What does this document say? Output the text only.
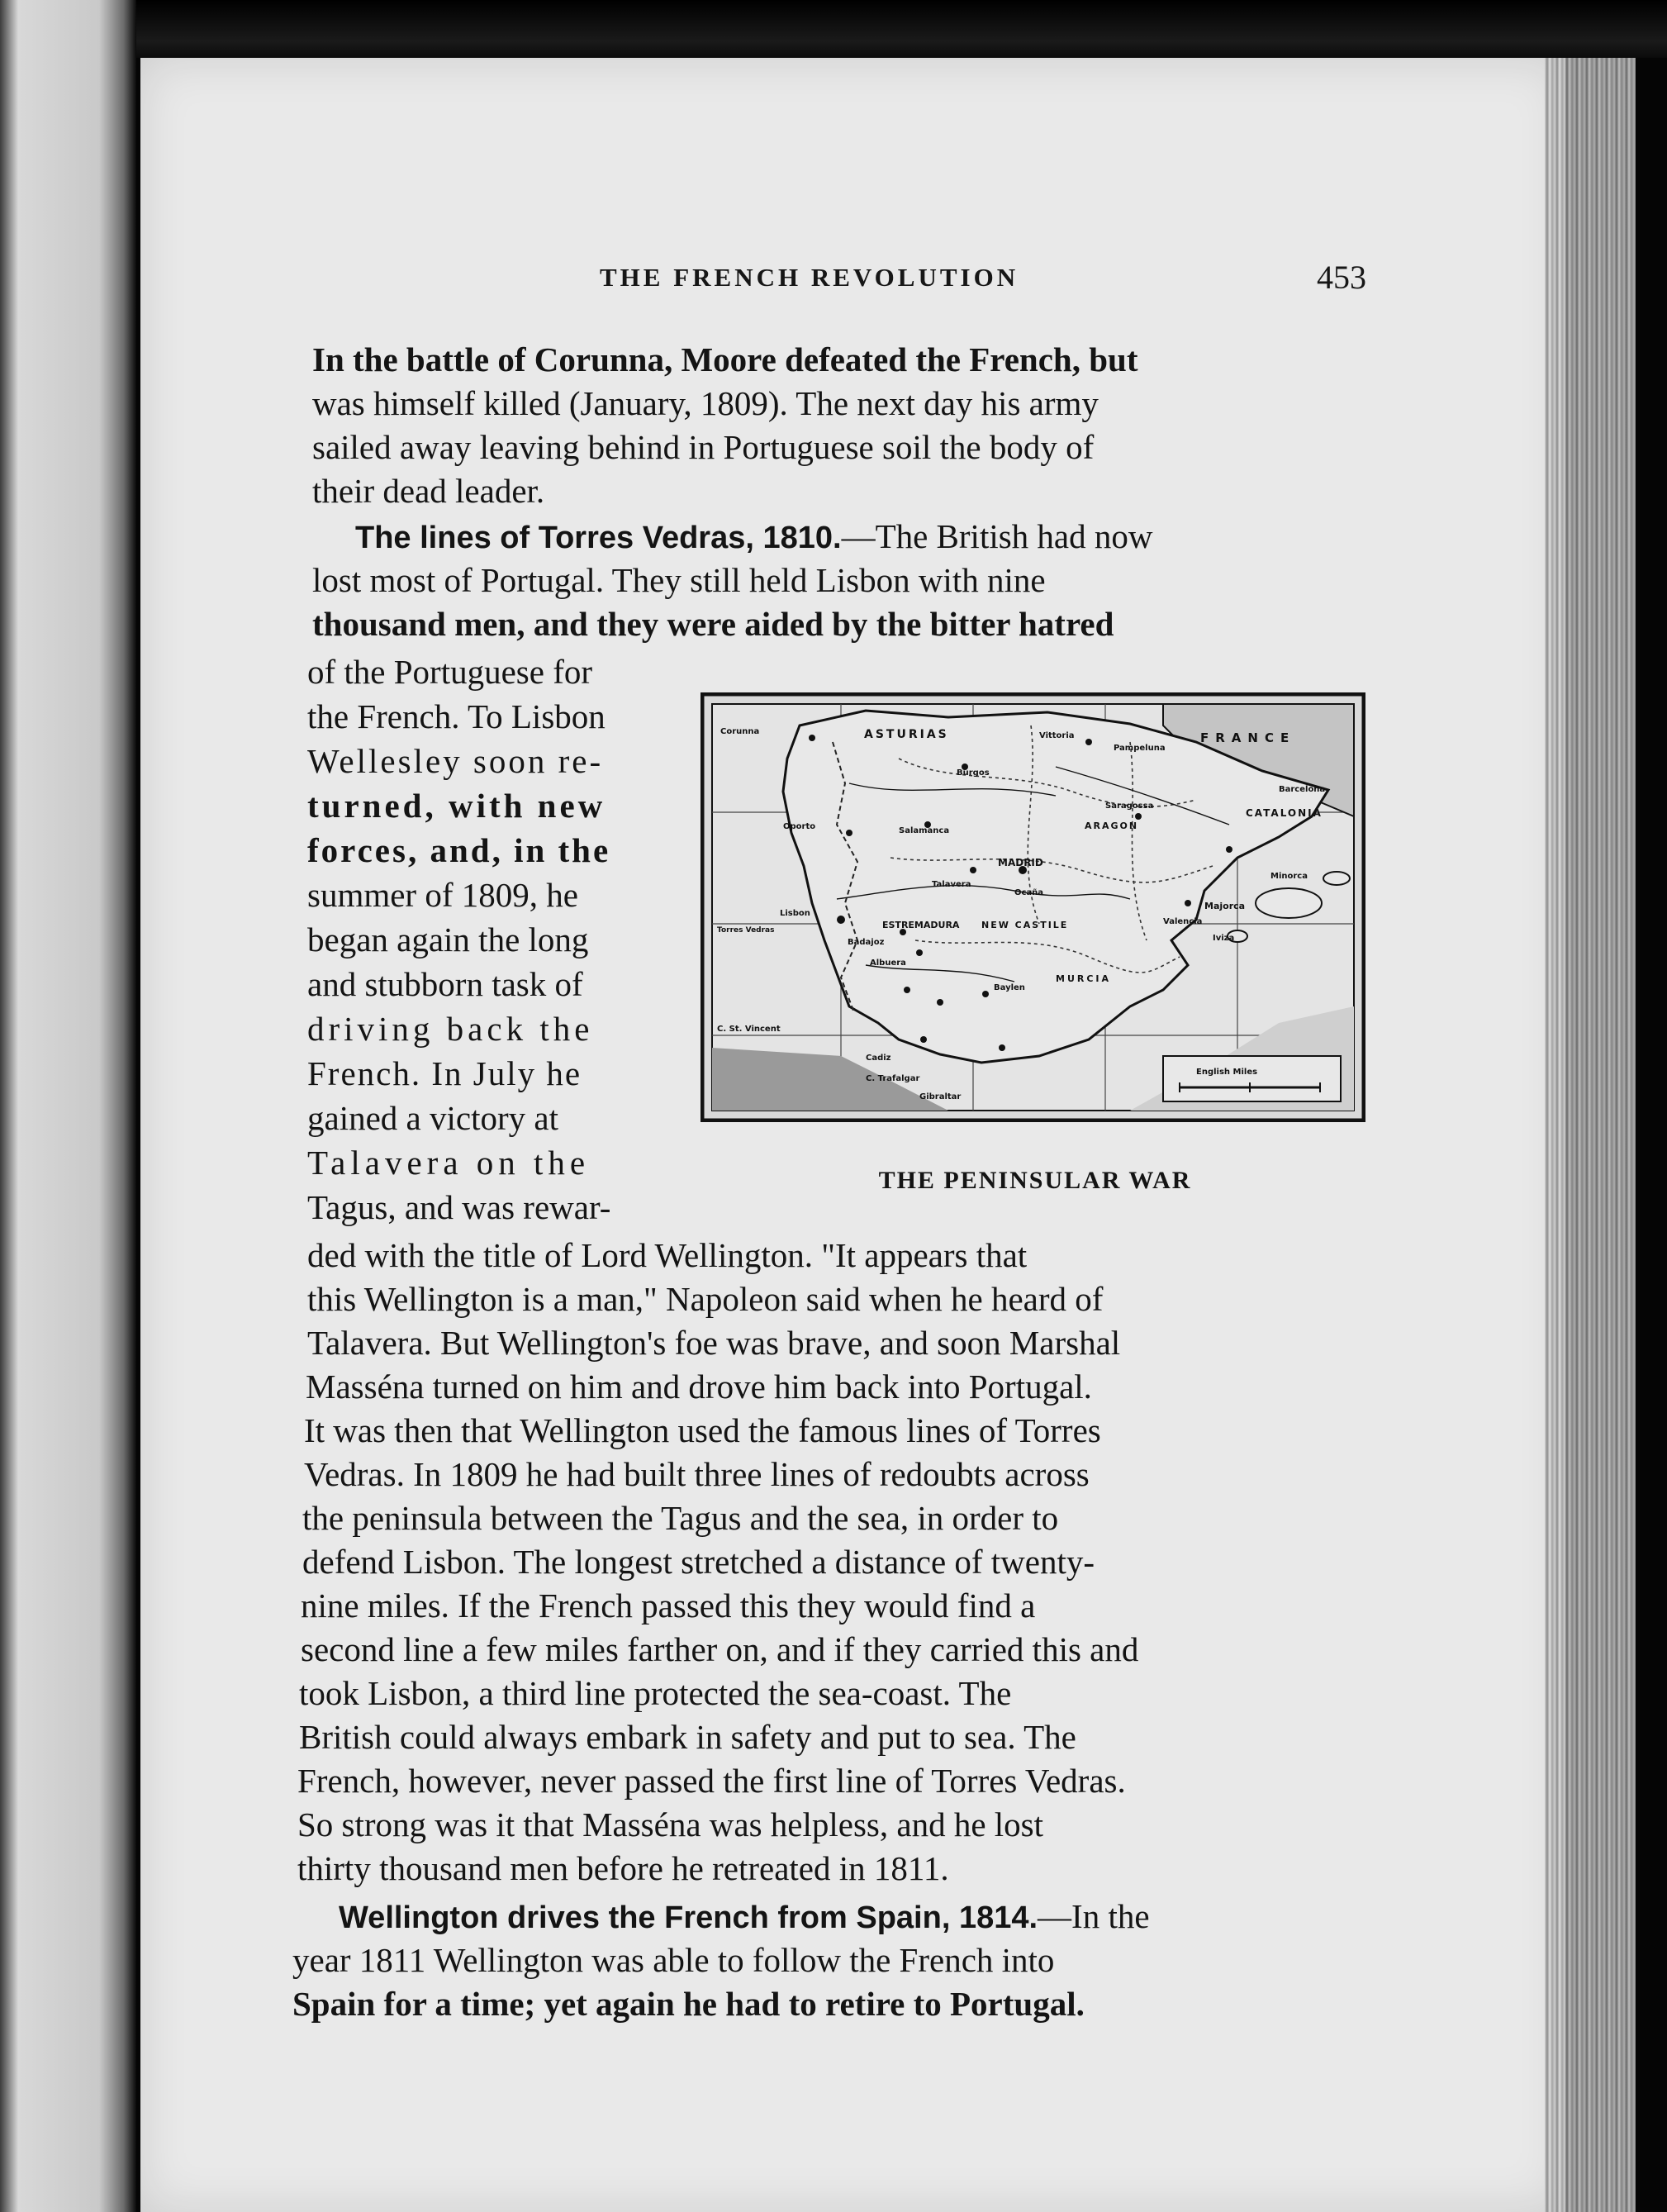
THE FRENCH REVOLUTION	453
In the battle of Corunna, Moore defeated the French, but
was himself killed (January, 1809). The next day his army
sailed away leaving behind in Portuguese soil the body of
their dead leader.
The lines of Torres Vedras, 1810.—The British had now
lost most of Portugal. They still held Lisbon with nine
thousand men, and they were aided by the bitter hatred
of the Portuguese for
the French. To Lisbon
Wellesley soon re-
turned, with new
forces, and, in the
summer of 1809, he
began again the long
and stubborn task of
driving back the
French. In July he
gained a victory at
Talavera on the
Tagus, and was rewar-
ded with the title of Lord Wellington. "It appears that
this Wellington is a man," Napoleon said when he heard of
Talavera. But Wellington's foe was brave, and soon Marshal
Masséna turned on him and drove him back into Portugal.
It was then that Wellington used the famous lines of Torres
Vedras. In 1809 he had built three lines of redoubts across
the peninsula between the Tagus and the sea, in order to
defend Lisbon. The longest stretched a distance of twenty-
nine miles. If the French passed this they would find a
second line a few miles farther on, and if they carried this and
took Lisbon, a third line protected the sea-coast. The
British could always embark in safety and put to sea. The
French, however, never passed the first line of Torres Vedras.
So strong was it that Masséna was helpless, and he lost
thirty thousand men before he retreated in 1811.
Wellington drives the French from Spain, 1814.—In the
year 1811 Wellington was able to follow the French into
Spain for a time; yet again he had to retire to Portugal.
ASTURIAS	FRANCE
CATALONIA
Saragossa
ARAGON
MADRID
NEW CASTILE
ESTREMADURA
Salamanca
Talavera
Burgos
Corunna
Oporto
Lisbon
Torres Vedras
Badajoz
Albuera
Baylen
MURCIA
Minorca
Majorca
Iviza
Barcelona
Vittoria
Pampeluna
Ocaña
Valencia
C. St. Vincent
C. Trafalgar
Gibraltar
Cadiz
English Miles
THE PENINSULAR WAR
